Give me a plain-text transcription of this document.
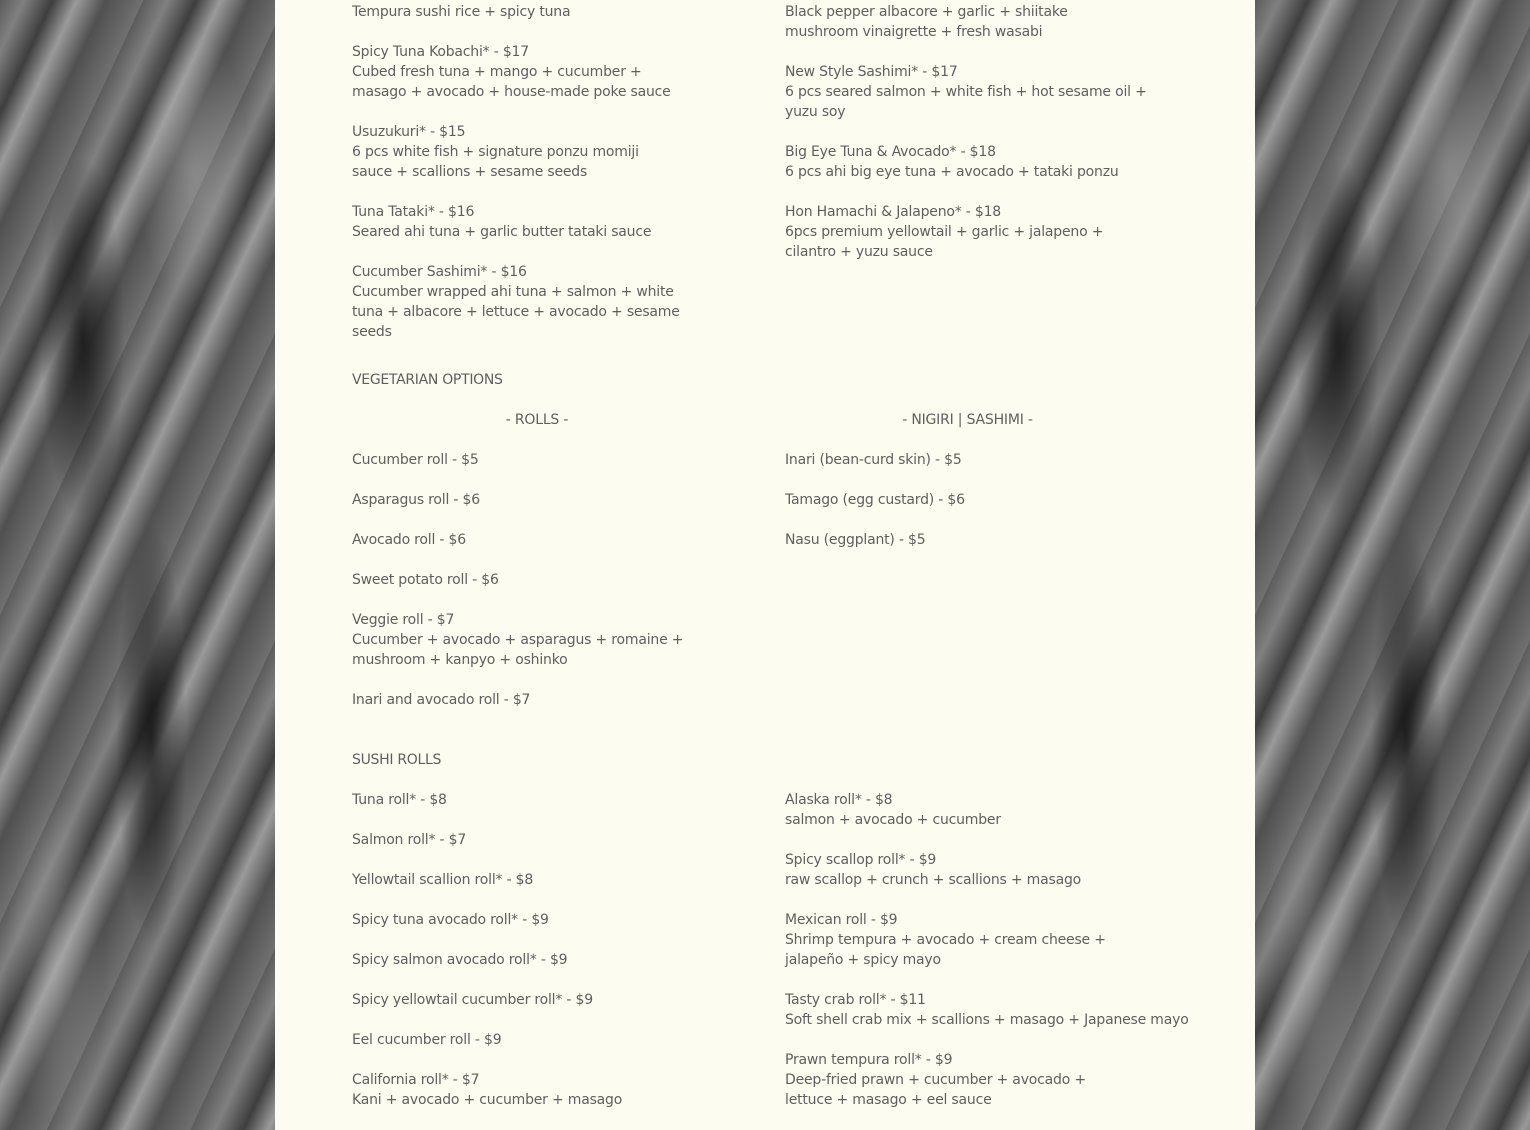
Tempura sushi rice + spicy tuna
Spicy Tuna Kobachi* - $17
Cubed fresh tuna + mango + cucumber + masago + avocado + house-made poke sauce
Usuzukuri* - $15
6 pcs white fish + signature ponzu momiji sauce + scallions + sesame seeds
Tuna Tataki* - $16
Seared ahi tuna + garlic butter tataki sauce
Cucumber Sashimi* - $16
Cucumber wrapped ahi tuna + salmon + white tuna + albacore + lettuce + avocado + sesame seeds
Black pepper albacore + garlic + shiitake mushroom vinaigrette + fresh wasabi
New Style Sashimi* - $17
6 pcs seared salmon + white fish + hot sesame oil + yuzu soy
Big Eye Tuna & Avocado* - $18
6 pcs ahi big eye tuna + avocado + tataki ponzu
Hon Hamachi & Jalapeno* - $18
6pcs premium yellowtail + garlic + jalapeno + cilantro + yuzu sauce
VEGETARIAN OPTIONS
- ROLLS -	- NIGIRI | SASHIMI -
Cucumber roll - $5
Asparagus roll - $6
Avocado roll - $6
Sweet potato roll - $6
Veggie roll - $7
Cucumber + avocado + asparagus + romaine + mushroom + kanpyo + oshinko
Inari and avocado roll - $7
Inari (bean-curd skin) - $5
Tamago (egg custard) - $6
Nasu (eggplant) - $5
SUSHI ROLLS
Tuna roll* - $8
Salmon roll* - $7
Yellowtail scallion roll* - $8
Spicy tuna avocado roll* - $9
Spicy salmon avocado roll* - $9
Spicy yellowtail cucumber roll* - $9
Eel cucumber roll - $9
California roll* - $7
Kani + avocado + cucumber + masago
Alaska roll* - $8
salmon + avocado + cucumber
Spicy scallop roll* - $9
raw scallop + crunch + scallions + masago
Mexican roll - $9
Shrimp tempura + avocado + cream cheese + jalapeño + spicy mayo
Tasty crab roll* - $11
Soft shell crab mix + scallions + masago + Japanese mayo
Prawn tempura roll* - $9
Deep-fried prawn + cucumber + avocado + lettuce + masago + eel sauce
